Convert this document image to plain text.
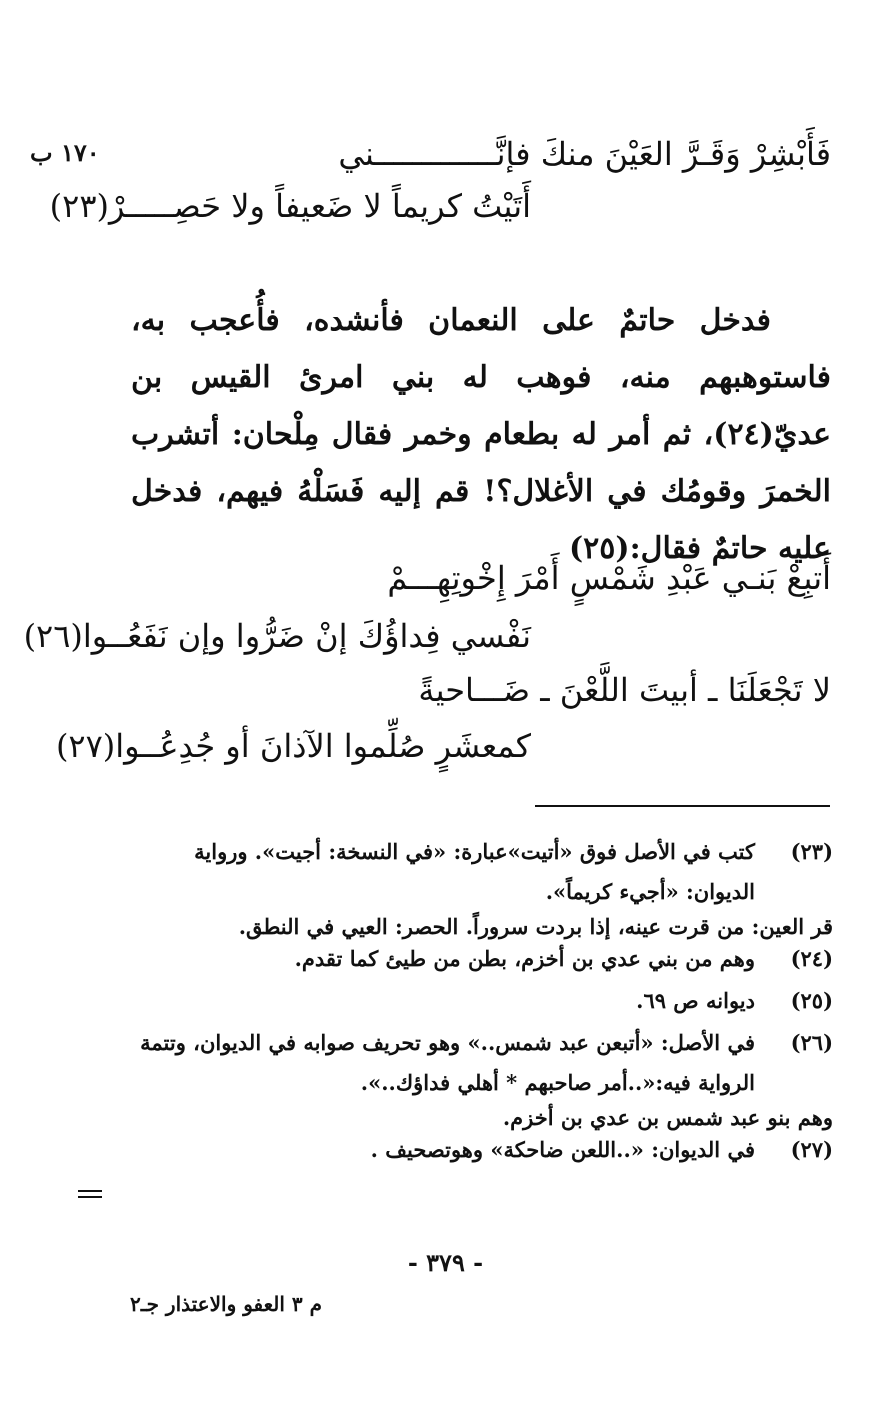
١٧٠ ب	فَأَبْشِرْ وَقَـرَّ العَيْنَ منكَ فإنَّـــــــــــــني
أَتَيْتُ كريماً لا ضَعيفاً ولا حَصِـــــرْ(٢٣)

فدخل حاتمٌ على النعمان فأنشده، فأُعجب به، فاستوهبهم منه، فوهب له بني امرئ القيس بن عديّ(٢٤)، ثم أمر له بطعام وخمر فقال مِلْحان: أتشرب الخمرَ وقومُك في الأغلال؟! قم إليه فَسَلْهُ فيهم، فدخل عليه حاتمٌ فقال:(٢٥)

أَتبِعْ بَنـي عَبْدِ شَمْسٍ أَمْرَ إِخْوتِهِـــمْ
نَفْسي فِداؤُكَ إنْ ضَرُّوا وإن نَفَعُــوا(٢٦)
لا تَجْعَلَنَا ـ أبيتَ اللَّعْنَ ـ ضَـــاحيةً
كمعشَرٍ صُلِّموا الآذانَ أو جُدِعُــوا(٢٧)
(٢٣)
كتب في الأصل فوق «أتيت»عبارة: «في النسخة: أجيت». ورواية الديوان: «أجيء كريماً».
قر العين: من قرت عينه، إذا بردت سروراً. الحصر: العيي في النطق.
(٢٤)
وهم من بني عدي بن أخزم، بطن من طيئ كما تقدم.
(٢٥)
ديوانه ص ٦٩.
(٢٦)
في الأصل: «أتبعن عبد شمس..» وهو تحريف صوابه في الديوان، وتتمة الرواية فيه:«..أمر صاحبهم * أهلي فداؤك..».
وهم بنو عبد شمس بن عدي بن أخزم.
(٢٧)
في الديوان: «..اللعن ضاحكة» وهوتصحيف .
- ٣٧٩ -
م ٣ العفو والاعتذار جـ٢
